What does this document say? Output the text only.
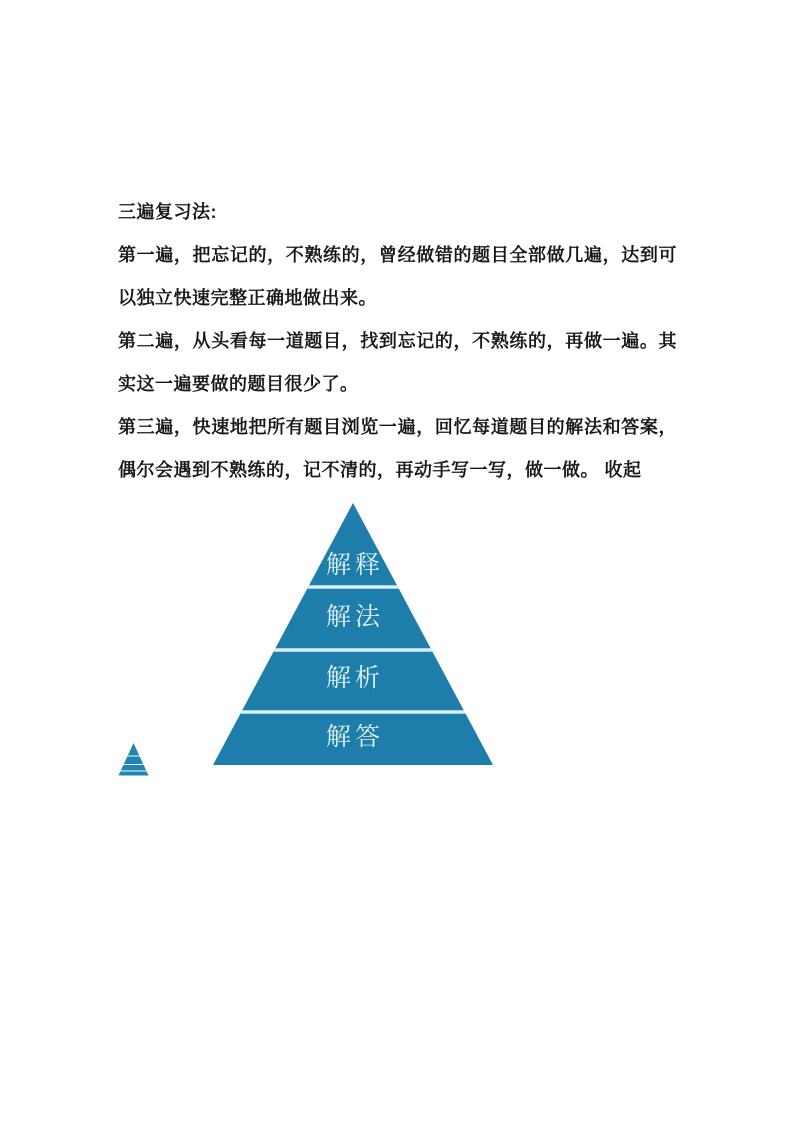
三遍复习法:
第一遍，把忘记的，不熟练的，曾经做错的题目全部做几遍，达到可
以独立快速完整正确地做出来。
第二遍，从头看每一道题目，找到忘记的，不熟练的，再做一遍。其
实这一遍要做的题目很少了。
第三遍，快速地把所有题目浏览一遍，回忆每道题目的解法和答案，
偶尔会遇到不熟练的，记不清的，再动手写一写，做一做。 收起
解释
解法
解析
解答
